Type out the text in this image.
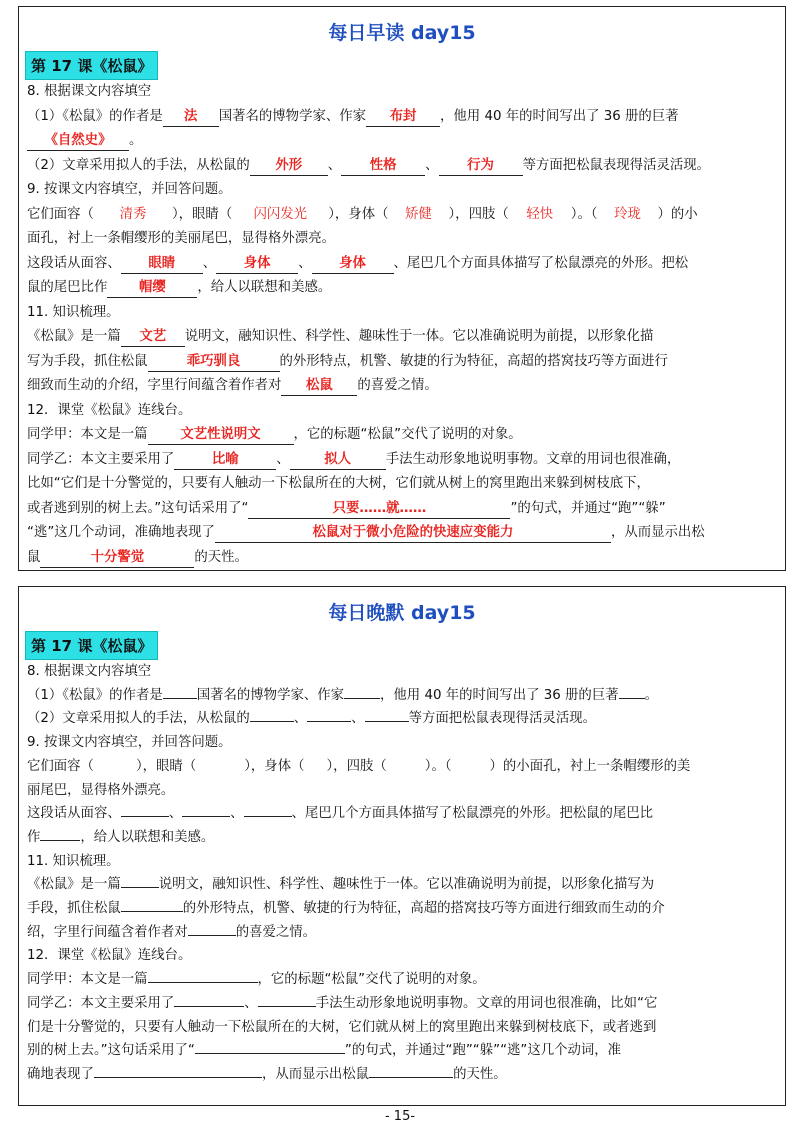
每日早读 day15
第 17 课《松鼠》
8. 根据课文内容填空
（1）《松鼠》的作者是 法 国著名的博物学家、作家 布封 ，他用 40 年的时间写出了 36 册的巨著
《自然史》 。
（2）文章采用拟人的手法，从松鼠的 外形 、 性格 、 行为 等方面把松鼠表现得活灵活现。
9. 按课文内容填空，并回答问题。
它们面容（ 清秀 ），眼睛（ 闪闪发光 ），身体（ 矫健 ），四肢（ 轻快 ）。（ 玲珑 ）的小
面孔，衬上一条帽缨形的美丽尾巴，显得格外漂亮。
这段话从面容、 眼睛 、 身体 、 身体 、尾巴几个方面具体描写了松鼠漂亮的外形。把松
鼠的尾巴比作 帽缨 ，给人以联想和美感。
11. 知识梳理。
《松鼠》是一篇 文艺 说明文，融知识性、科学性、趣味性于一体。它以准确说明为前提，以形象化描
写为手段，抓住松鼠	乖巧驯良	的外形特点，机警、敏捷的行为特征，高超的搭窝技巧等方面进行
细致而生动的介绍，字里行间蕴含着作者对 松鼠 的喜爱之情。
12．课堂《松鼠》连线台。
同学甲：本文是一篇 文艺性说明文 ，它的标题“松鼠”交代了说明的对象。
同学乙：本文主要采用了	比喻	、	拟人	手法生动形象地说明事物。文章的用词也很准确，
比如“它们是十分警觉的，只要有人触动一下松鼠所在的大树，它们就从树上的窝里跑出来躲到树枝底下，
或者逃到别的树上去。”这句话采用了“	只要……就……	”的句式，并通过“跑”“躲”
“逃”这几个动词，准确地表现了	松鼠对于微小危险的快速应变能力	，从而显示出松
鼠	十分警觉	的天性。
每日晚默 day15
第 17 课《松鼠》
8. 根据课文内容填空
（1）《松鼠》的作者是	国著名的博物学家、作家	，他用 40 年的时间写出了 36 册的巨著 。
（2）文章采用拟人的手法，从松鼠的	、	、	等方面把松鼠表现得活灵活现。
9. 按课文内容填空，并回答问题。
它们面容（	），眼睛（	），身体（ ），四肢（	）。（	）的小面孔，衬上一条帽缨形的美
丽尾巴，显得格外漂亮。
这段话从面容、	、	、	、尾巴几个方面具体描写了松鼠漂亮的外形。把松鼠的尾巴比
作	，给人以联想和美感。
11. 知识梳理。
《松鼠》是一篇	说明文，融知识性、科学性、趣味性于一体。它以准确说明为前提，以形象化描写为
手段，抓住松鼠	的外形特点，机警、敏捷的行为特征，高超的搭窝技巧等方面进行细致而生动的介
绍，字里行间蕴含着作者对	的喜爱之情。
12．课堂《松鼠》连线台。
同学甲：本文是一篇	，它的标题“松鼠”交代了说明的对象。
同学乙：本文主要采用了	、	手法生动形象地说明事物。文章的用词也很准确，比如“它
们是十分警觉的，只要有人触动一下松鼠所在的大树，它们就从树上的窝里跑出来躲到树枝底下，或者逃到
别的树上去。”这句话采用了“	”的句式，并通过“跑”“躲”“逃”这几个动词，准
确地表现了	，从而显示出松鼠	的天性。
- 15-
